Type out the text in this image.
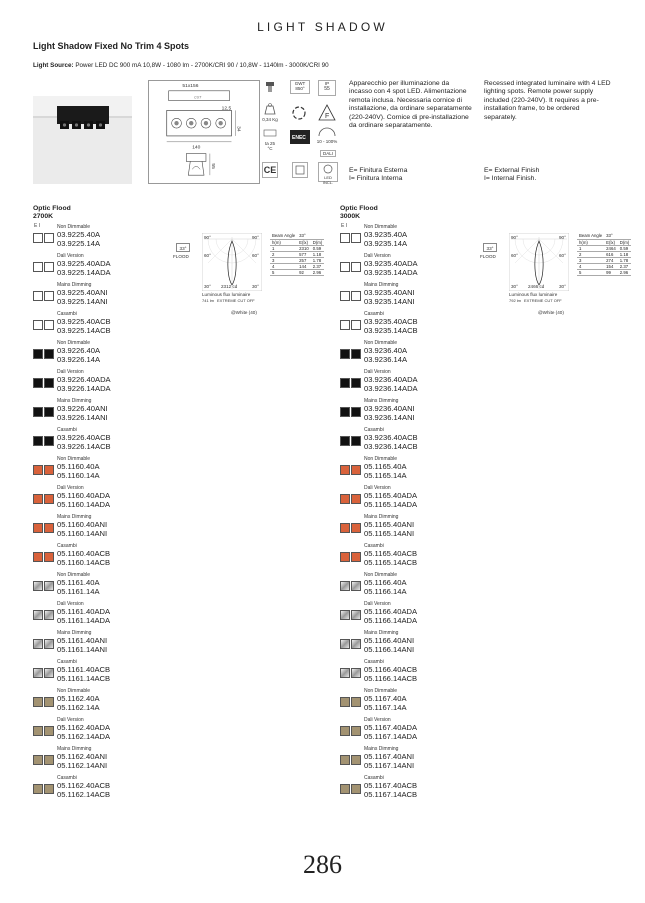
LIGHT SHADOW
Light Shadow Fixed No Trim 4 Spots
Light Source: Power LED DC 900 mA 10,8W - 1080 lm - 2700K/CRI 90 / 10,8W - 1140lm - 3000K/CRI 90
51x156
CUT
12,5
34
140
55
GWT
850°
IP
55
0,34 Kg	F
ta 25 °C
ENEC
10 - 100%
DALI
CE
LED INCL.
Apparecchio per illuminazione da incasso con 4 spot LED. Alimentazione remota inclusa. Necessaria cornice di installazione, da ordinare separatamente (220-240V). Cornice di pre-installazione da ordinare separatamente.
Recessed integrated luminaire with 4 LED lighting spots. Remote power supply included (220-240V). It requires a pre-installation frame, to be ordered separately.
E= Finitura Esterna
I= Finitura Interna
E= External Finish
I= Internal Finish.
Optic Flood
2700K
E I
33°
FLOOD
90°	90°
60°	60°
30°	30°
2312 cd
Luminous flux luminaire
741 lm EXTREME CUT OFF
@White (40)
Beam Angle	33°	
h(m)	E(lx)	D(m)
1	2310	0.59
2	577	1.18
3	257	1.78
4	144	2.37
5	92	2.96
Non Dimmable
03.9225.40A
03.9225.14A
Dali Version
03.9225.40ADA
03.9225.14ADA
Mains Dimming
03.9225.40ANI
03.9225.14ANI
Casambi
03.9225.40ACB
03.9225.14ACB
Non Dimmable
03.9226.40A
03.9226.14A
Dali Version
03.9226.40ADA
03.9226.14ADA
Mains Dimming
03.9226.40ANI
03.9226.14ANI
Casambi
03.9226.40ACB
03.9226.14ACB
Non Dimmable
05.1160.40A
05.1160.14A
Dali Version
05.1160.40ADA
05.1160.14ADA
Mains Dimming
05.1160.40ANI
05.1160.14ANI
Casambi
05.1160.40ACB
05.1160.14ACB
Non Dimmable
05.1161.40A
05.1161.14A
Dali Version
05.1161.40ADA
05.1161.14ADA
Mains Dimming
05.1161.40ANI
05.1161.14ANI
Casambi
05.1161.40ACB
05.1161.14ACB
Non Dimmable
05.1162.40A
05.1162.14A
Dali Version
05.1162.40ADA
05.1162.14ADA
Mains Dimming
05.1162.40ANI
05.1162.14ANI
Casambi
05.1162.40ACB
05.1162.14ACB
Optic Flood
3000K
E I
33°
FLOOD
90°	90°
60°	60°
30°	30°
2466 cd
Luminous flux luminaire
792 lm EXTREME CUT OFF
@White (40)
Beam Angle	33°	
h(m)	E(lx)	D(m)
1	2464	0.59
2	616	1.18
3	274	1.78
4	154	2.37
5	99	2.96
Non Dimmable
03.9235.40A
03.9235.14A
Dali Version
03.9235.40ADA
03.9235.14ADA
Mains Dimming
03.9235.40ANI
03.9235.14ANI
Casambi
03.9235.40ACB
03.9235.14ACB
Non Dimmable
03.9236.40A
03.9236.14A
Dali Version
03.9236.40ADA
03.9236.14ADA
Mains Dimming
03.9236.40ANI
03.9236.14ANI
Casambi
03.9236.40ACB
03.9236.14ACB
Non Dimmable
05.1165.40A
05.1165.14A
Dali Version
05.1165.40ADA
05.1165.14ADA
Mains Dimming
05.1165.40ANI
05.1165.14ANI
Casambi
05.1165.40ACB
05.1165.14ACB
Non Dimmable
05.1166.40A
05.1166.14A
Dali Version
05.1166.40ADA
05.1166.14ADA
Mains Dimming
05.1166.40ANI
05.1166.14ANI
Casambi
05.1166.40ACB
05.1166.14ACB
Non Dimmable
05.1167.40A
05.1167.14A
Dali Version
05.1167.40ADA
05.1167.14ADA
Mains Dimming
05.1167.40ANI
05.1167.14ANI
Casambi
05.1167.40ACB
05.1167.14ACB
286
